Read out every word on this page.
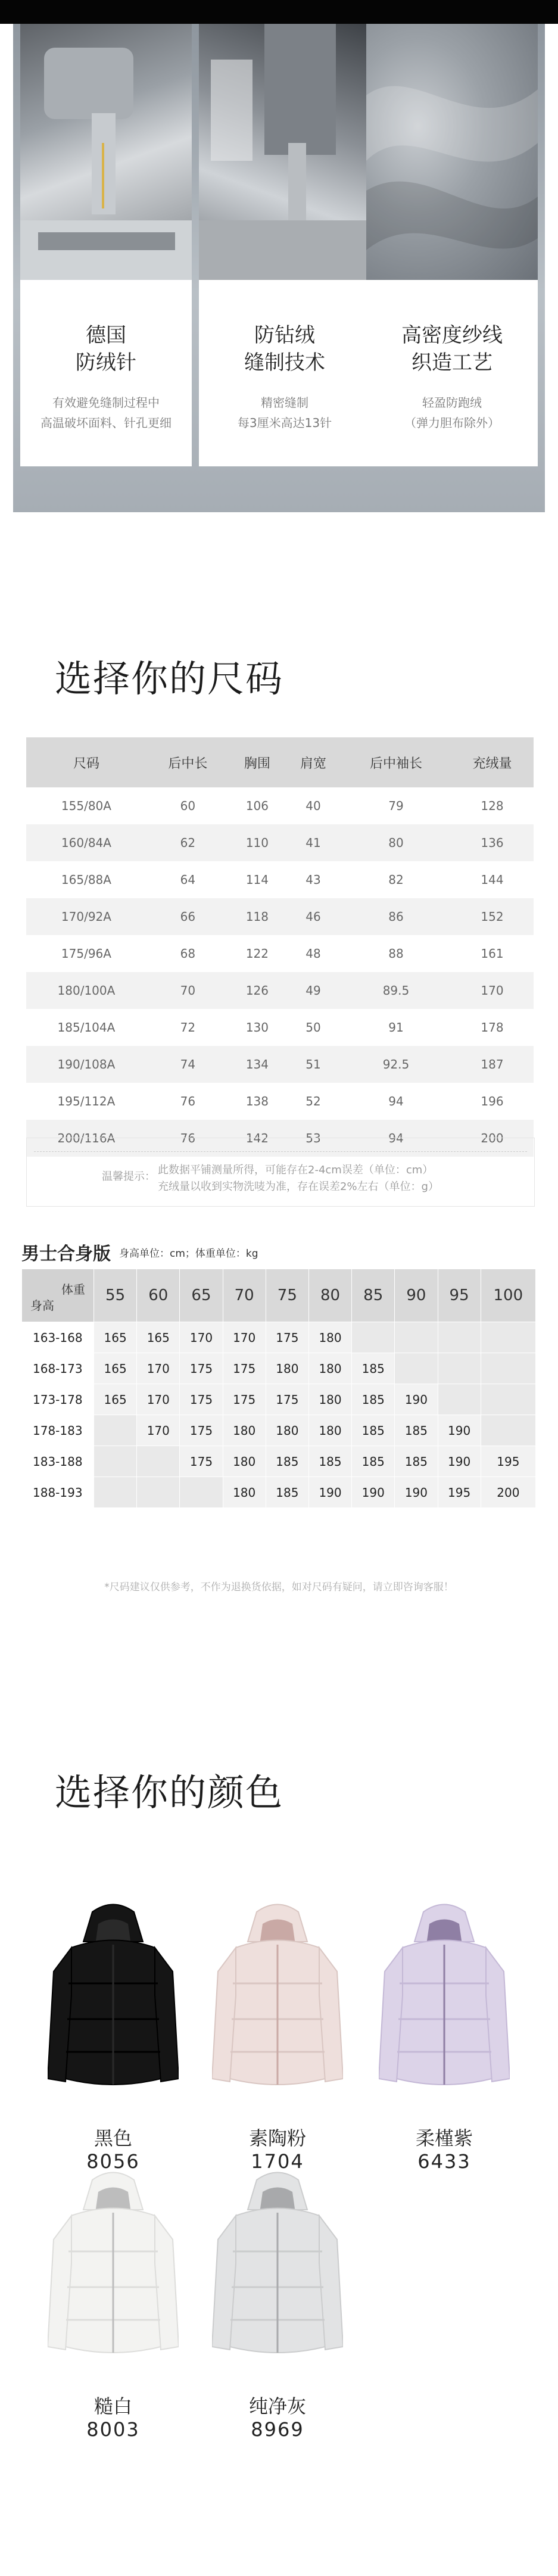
德国
防绒针
有效避免缝制过程中
高温破坏面料、针孔更细
防钻绒
缝制技术
精密缝制
每3厘米高达13针
高密度纱线
织造工艺
轻盈防跑绒
（弹力胆布除外）
选择你的尺码
尺码	后中长	胸围	肩宽	后中袖长	充绒量
155/80A	60	106	40	79	128
160/84A	62	110	41	80	136
165/88A	64	114	43	82	144
170/92A	66	118	46	86	152
175/96A	68	122	48	88	161
180/100A	70	126	49	89.5	170
185/104A	72	130	50	91	178
190/108A	74	134	51	92.5	187
195/112A	76	138	52	94	196
200/116A	76	142	53	94	200
温馨提示：
此数据平铺测量所得，可能存在2-4cm误差（单位：cm）
充绒量以收到实物洗唛为准，存在误差2%左右（单位：g）
男士合身版 身高单位：cm；体重单位：kg
体重
身高	55	60	65	70	75	80	85	90	95	100
163-168	165	165	170	170	175	180				
168-173	165	170	175	175	180	180	185			
173-178	165	170	175	175	175	180	185	190		
178-183		170	175	180	180	180	185	185	190	
183-188			175	180	185	185	185	185	190	195
188-193				180	185	190	190	190	195	200
*尺码建议仅供参考，不作为退换货依据，如对尺码有疑问，请立即咨询客服！
选择你的颜色
黑色
8056
素陶粉
1704
柔槿紫
6433
糙白
8003
纯净灰
8969
